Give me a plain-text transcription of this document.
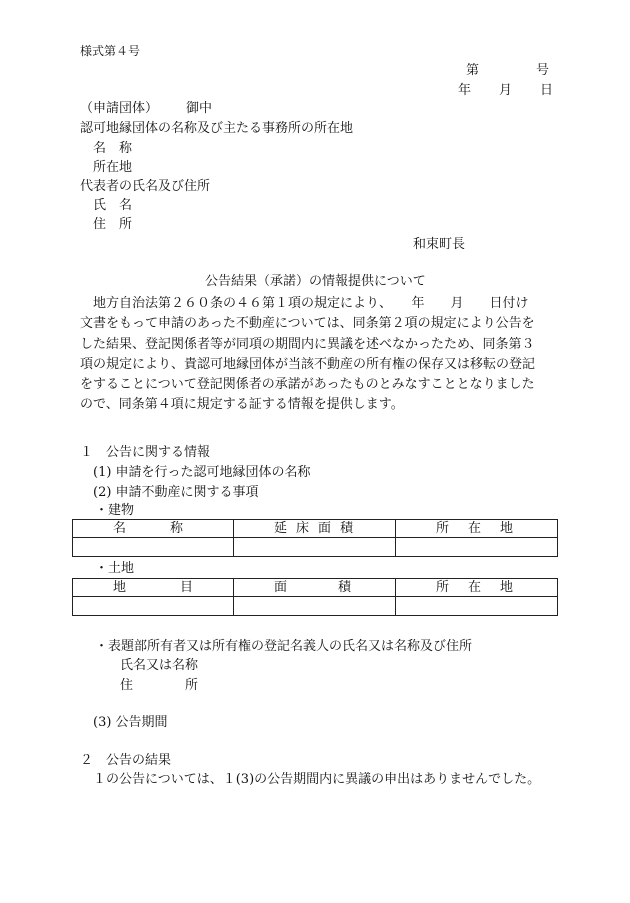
様式第４号
第	号
年 月 日
（申請団体） 御中
認可地縁団体の名称及び主たる事務所の所在地
名　称
所在地
代表者の氏名及び住所
氏　名
住　所
和束町長
公告結果（承諾）の情報提供について
　地方自治法第２６０条の４６第１項の規定により、　　年　　月　　日付け
文書をもって申請のあった不動産については、同条第２項の規定により公告を
した結果、登記関係者等が同項の期間内に異議を述べなかったため、同条第３
項の規定により、貴認可地縁団体が当該不動産の所有権の保存又は移転の登記
をすることについて登記関係者の承諾があったものとみなすこととなりました
ので、同条第４項に規定する証する情報を提供します。
１　公告に関する情報
(1) 申請を行った認可地縁団体の名称
(2) 申請不動産に関する事項
・建物
名 称	延 床 面 積	所 在 地

・土地
地 目	面 積	所 在 地

・表題部所有者又は所有権の登記名義人の氏名又は名称及び住所
氏名又は名称
住　　　　所
(3) 公告期間
２　公告の結果
１の公告については、１(3)の公告期間内に異議の申出はありませんでした。
